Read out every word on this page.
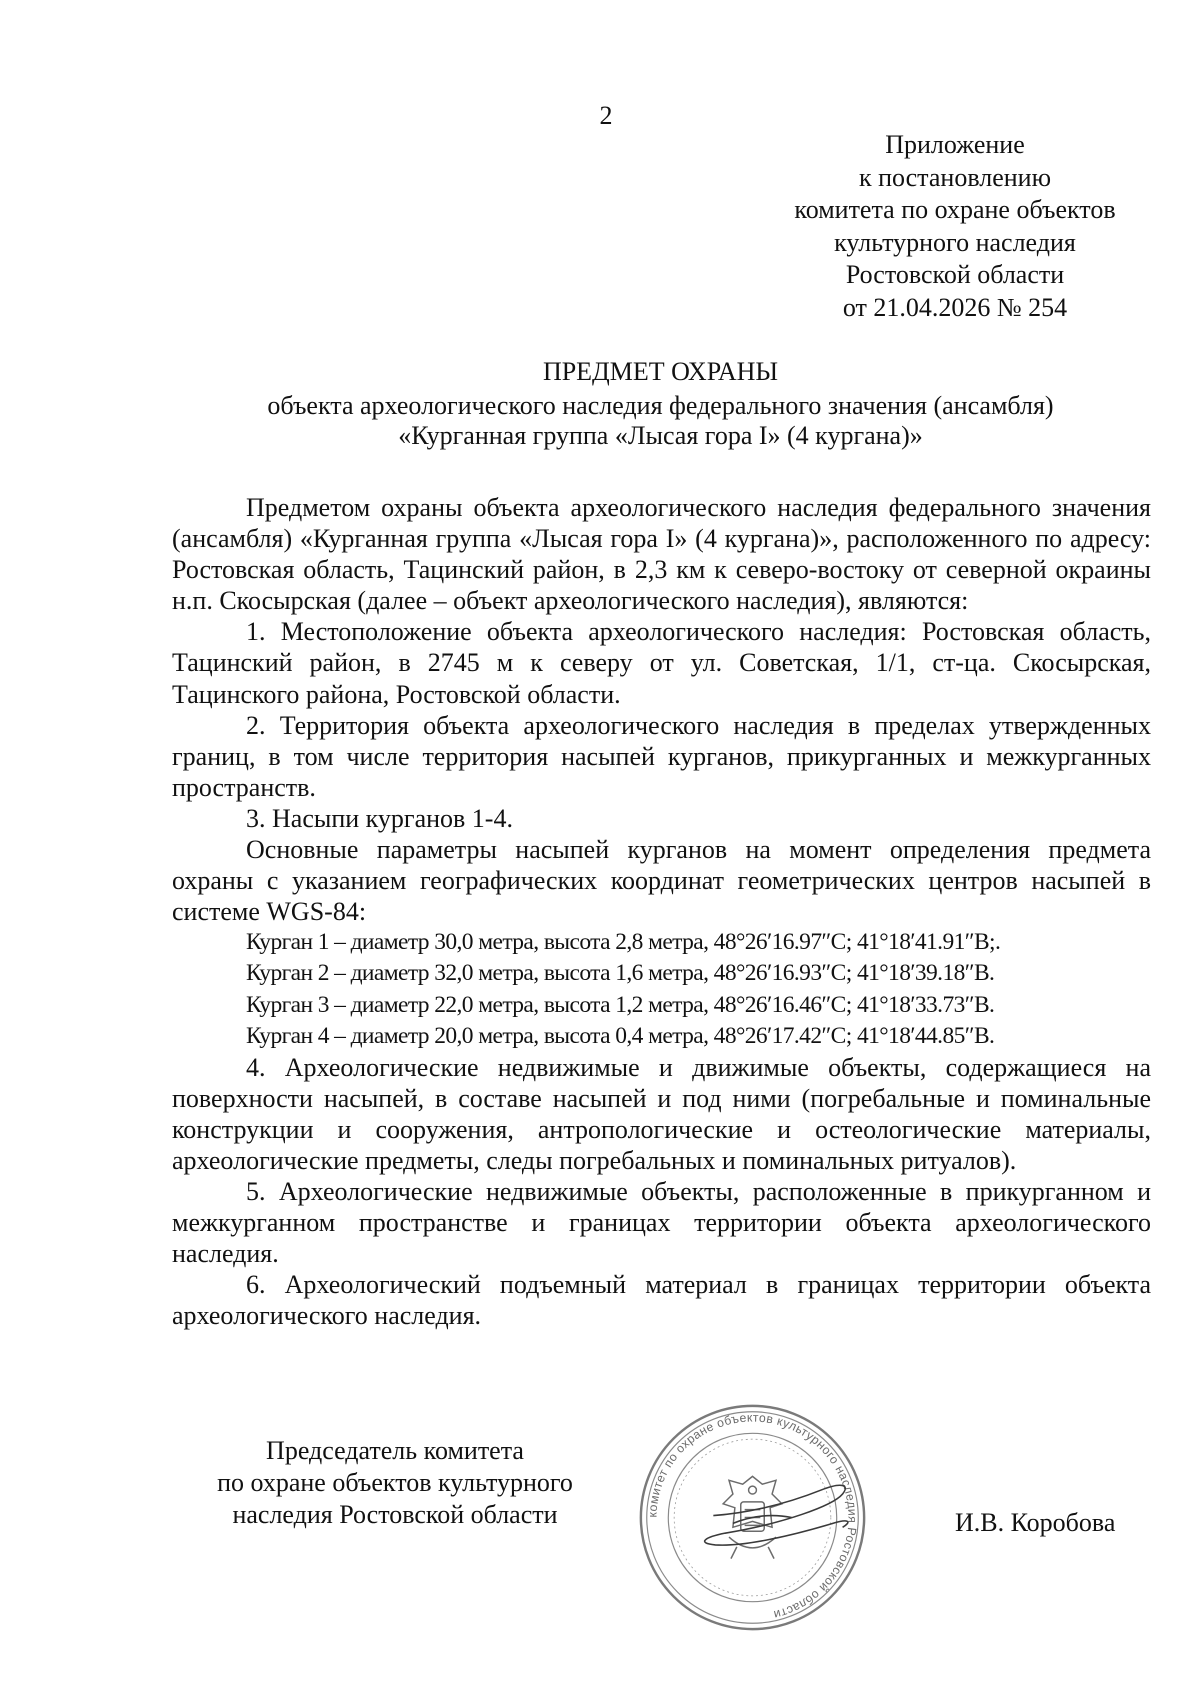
2
Приложение
к постановлению
комитета по охране объектов
культурного наследия
Ростовской области
от 21.04.2026 № 254
ПРЕДМЕТ ОХРАНЫ
объекта археологического наследия федерального значения (ансамбля)
«Курганная группа «Лысая гора I» (4 кургана)»

Предметом охраны объекта археологического наследия федерального значения (ансамбля) «Курганная группа «Лысая гора I» (4 кургана)», расположенного по адресу: Ростовская область, Тацинский район, в 2,3 км к северо-востоку от северной окраины н.п. Скосырская (далее – объект археологического наследия), являются:

1. Местоположение объекта археологического наследия: Ростовская область, Тацинский район, в 2745 м к северу от ул. Советская, 1/1, ст-ца. Скосырская, Тацинского района, Ростовской области.

2. Территория объекта археологического наследия в пределах утвержденных границ, в том числе территория насыпей курганов, прикурганных и межкурганных пространств.

3. Насыпи курганов 1-4.

Основные параметры насыпей курганов на момент определения предмета охраны с указанием географических координат геометрических центров насыпей в системе WGS-84:

Курган 1 – диаметр 30,0 метра, высота 2,8 метра, 48°26′16.97″С; 41°18′41.91″В;.

Курган 2 – диаметр 32,0 метра, высота 1,6 метра, 48°26′16.93″С; 41°18′39.18″В.

Курган 3 – диаметр 22,0 метра, высота 1,2 метра, 48°26′16.46″С; 41°18′33.73″В.

Курган 4 – диаметр 20,0 метра, высота 0,4 метра, 48°26′17.42″С; 41°18′44.85″В.

4. Археологические недвижимые и движимые объекты, содержащиеся на поверхности насыпей, в составе насыпей и под ними (погребальные и поминальные конструкции и сооружения, антропологические и остеологические материалы, археологические предметы, следы погребальных и поминальных ритуалов).

5. Археологические недвижимые объекты, расположенные в прикурганном и межкурганном пространстве и границах территории объекта археологического наследия.

6. Археологический подъемный материал в границах территории объекта археологического наследия.

Председатель комитета
по охране объектов культурного
наследия Ростовской области	комитет по охране объектов культурного наследия Ростовской области
И.В. Коробова
